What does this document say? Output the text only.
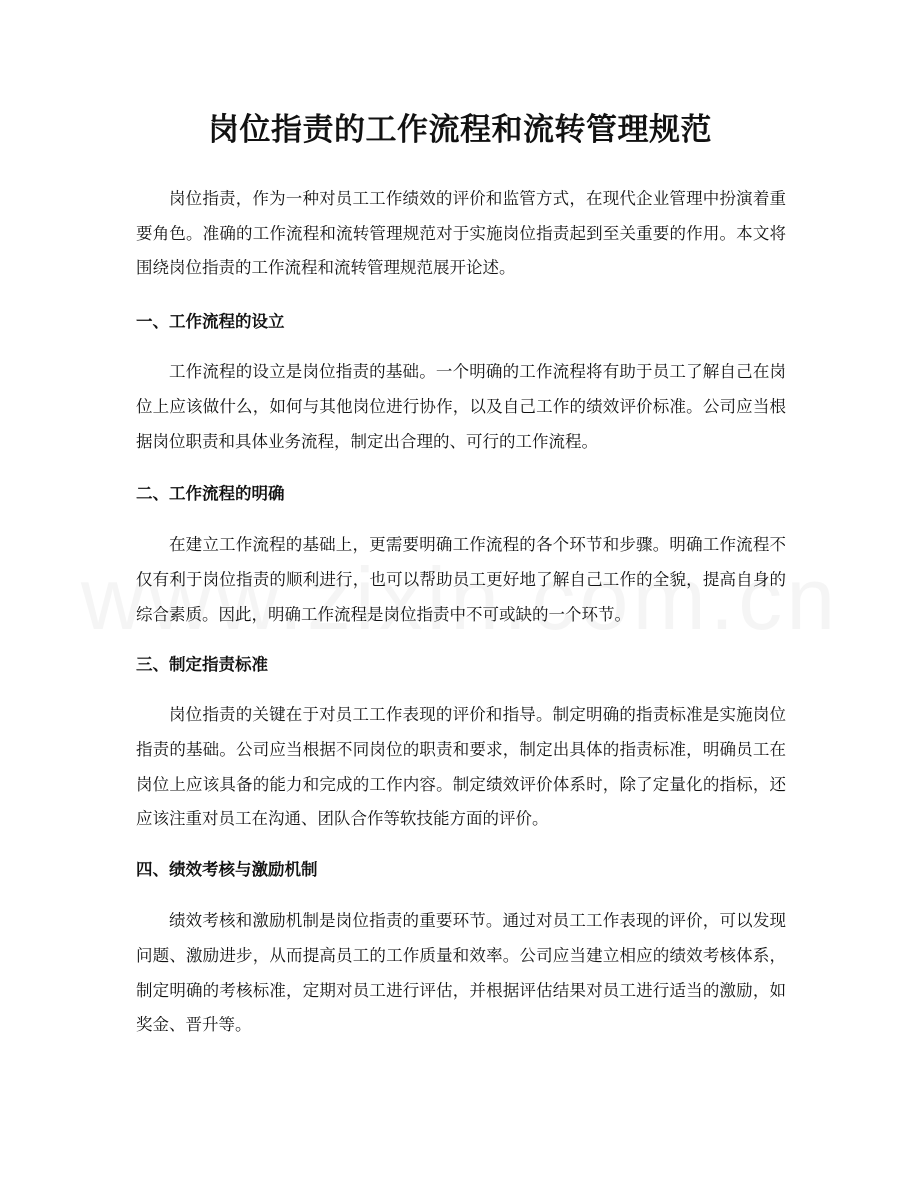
岗位指责的工作流程和流转管理规范

岗位指责，作为一种对员工工作绩效的评价和监管方式，在现代企业管理中扮演着重要角色。准确的工作流程和流转管理规范对于实施岗位指责起到至关重要的作用。本文将围绕岗位指责的工作流程和流转管理规范展开论述。

一、工作流程的设立

工作流程的设立是岗位指责的基础。一个明确的工作流程将有助于员工了解自己在岗位上应该做什么，如何与其他岗位进行协作，以及自己工作的绩效评价标准。公司应当根据岗位职责和具体业务流程，制定出合理的、可行的工作流程。

二、工作流程的明确

在建立工作流程的基础上，更需要明确工作流程的各个环节和步骤。明确工作流程不仅有利于岗位指责的顺利进行，也可以帮助员工更好地了解自己工作的全貌，提高自身的综合素质。因此，明确工作流程是岗位指责中不可或缺的一个环节。

三、制定指责标准

岗位指责的关键在于对员工工作表现的评价和指导。制定明确的指责标准是实施岗位指责的基础。公司应当根据不同岗位的职责和要求，制定出具体的指责标准，明确员工在岗位上应该具备的能力和完成的工作内容。制定绩效评价体系时，除了定量化的指标，还应该注重对员工在沟通、团队合作等软技能方面的评价。

四、绩效考核与激励机制

绩效考核和激励机制是岗位指责的重要环节。通过对员工工作表现的评价，可以发现问题、激励进步，从而提高员工的工作质量和效率。公司应当建立相应的绩效考核体系，制定明确的考核标准，定期对员工进行评估，并根据评估结果对员工进行适当的激励，如奖金、晋升等。
